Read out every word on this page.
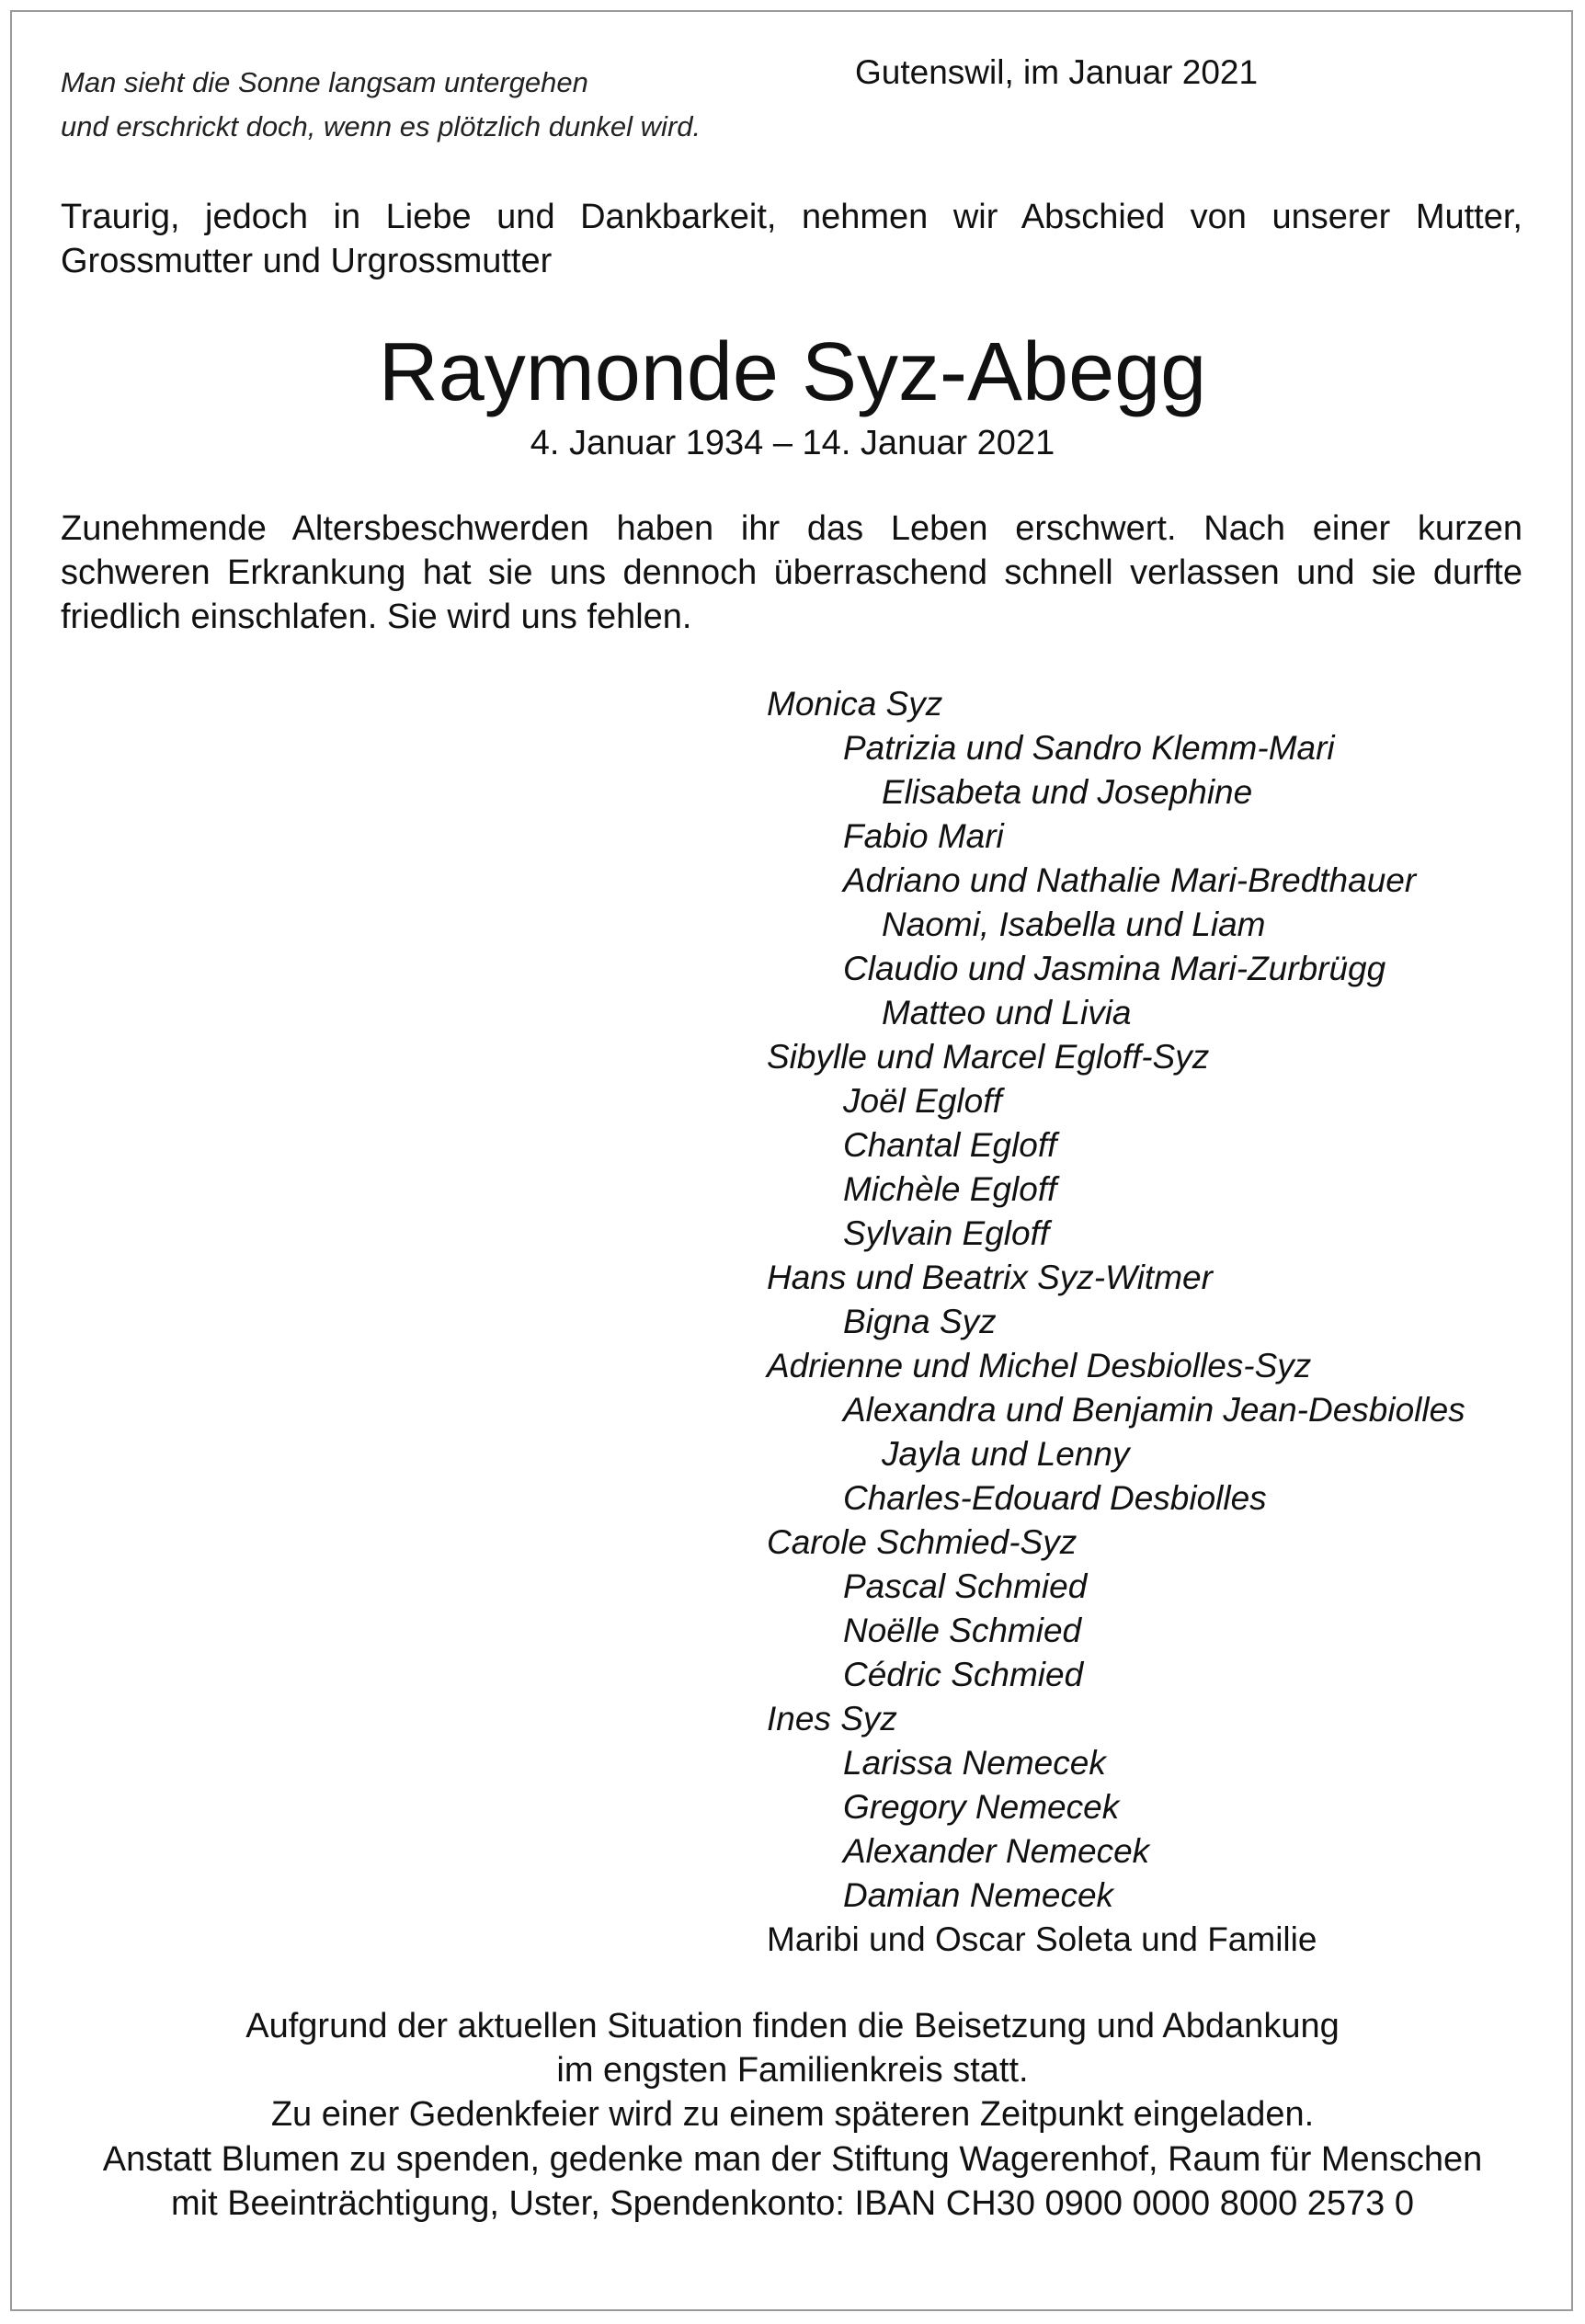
Man sieht die Sonne langsam untergehen
und erschrickt doch, wenn es plötzlich dunkel wird.
Gutenswil, im Januar 2021
Traurig, jedoch in Liebe und Dankbarkeit, nehmen wir Abschied von unserer Mutter,
Grossmutter und Urgrossmutter
Raymonde Syz-Abegg
4. Januar 1934 – 14. Januar 2021
Zunehmende Altersbeschwerden haben ihr das Leben erschwert. Nach einer kurzen
schweren Erkrankung hat sie uns dennoch überraschend schnell verlassen und sie durfte
friedlich einschlafen. Sie wird uns fehlen.
Monica Syz
Patrizia und Sandro Klemm-Mari
Elisabeta und Josephine
Fabio Mari
Adriano und Nathalie Mari-Bredthauer
Naomi, Isabella und Liam
Claudio und Jasmina Mari-Zurbrügg
Matteo und Livia
Sibylle und Marcel Egloff-Syz
Joël Egloff
Chantal Egloff
Michèle Egloff
Sylvain Egloff
Hans und Beatrix Syz-Witmer
Bigna Syz
Adrienne und Michel Desbiolles-Syz
Alexandra und Benjamin Jean-Desbiolles
Jayla und Lenny
Charles-Edouard Desbiolles
Carole Schmied-Syz
Pascal Schmied
Noëlle Schmied
Cédric Schmied
Ines Syz
Larissa Nemecek
Gregory Nemecek
Alexander Nemecek
Damian Nemecek
Maribi und Oscar Soleta und Familie
Aufgrund der aktuellen Situation finden die Beisetzung und Abdankung
im engsten Familienkreis statt.
Zu einer Gedenkfeier wird zu einem späteren Zeitpunkt eingeladen.
Anstatt Blumen zu spenden, gedenke man der Stiftung Wagerenhof, Raum für Menschen
mit Beeinträchtigung, Uster, Spendenkonto: IBAN CH30 0900 0000 8000 2573 0
